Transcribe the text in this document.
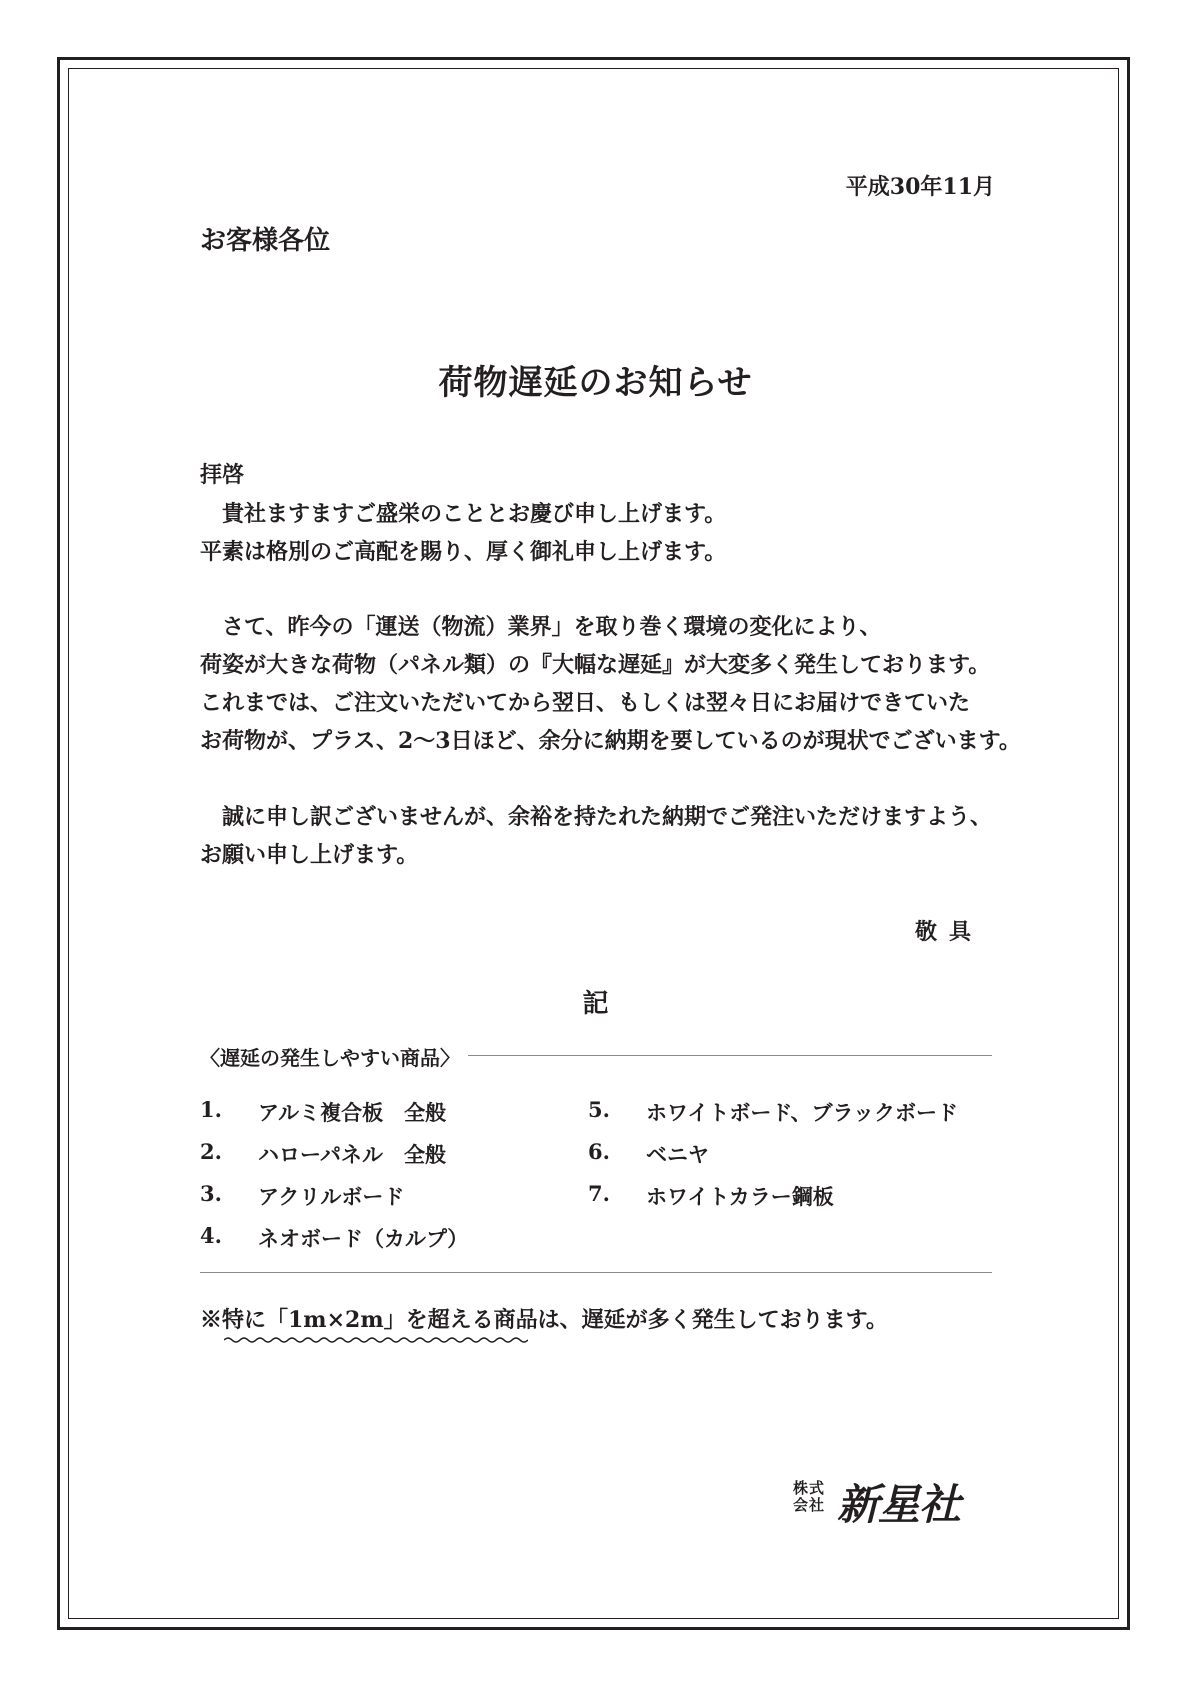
平成30年11月
お客様各位
荷物遅延のお知らせ
拝啓
貴社ますますご盛栄のこととお慶び申し上げます。
平素は格別のご高配を賜り、厚く御礼申し上げます。
さて、昨今の「運送（物流）業界」を取り巻く環境の変化により、
荷姿が大きな荷物（パネル類）の『大幅な遅延』が大変多く発生しております。
これまでは、ご注文いただいてから翌日、もしくは翌々日にお届けできていた
お荷物が、プラス、2〜3日ほど、余分に納期を要しているのが現状でございます。
誠に申し訳ございませんが、余裕を持たれた納期でご発注いただけますよう、
お願い申し上げます。
敬具
記
〈遅延の発生しやすい商品〉
1. アルミ複合板　全般
2. ハローパネル　全般
3. アクリルボード
4. ネオボード（カルプ）
5. ホワイトボード、ブラックボード
6. ベニヤ
7. ホワイトカラー鋼板
※特に「1m×2m」を超える商品は、遅延が多く発生しております。
株式会社 新星社
